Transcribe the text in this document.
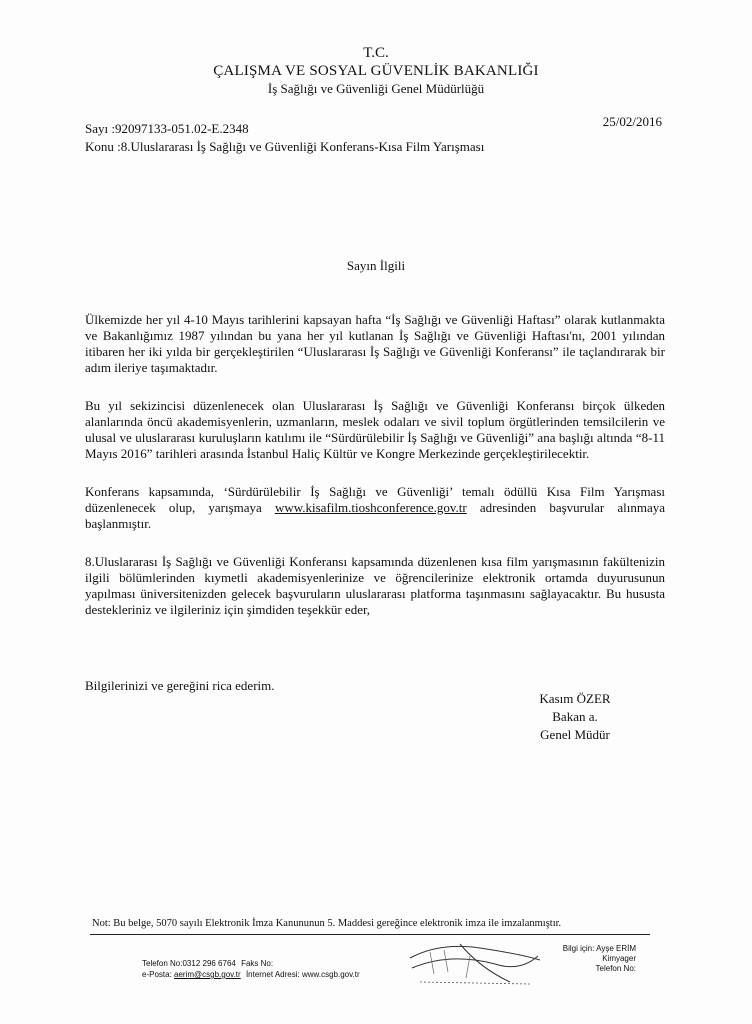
T.C.
ÇALIŞMA VE SOSYAL GÜVENLİK BAKANLIĞI
İş Sağlığı ve Güvenliği Genel Müdürlüğü
Sayı :92097133-051.02-E.2348
Konu :8.Uluslararası İş Sağlığı ve Güvenliği Konferans-Kısa Film Yarışması
25/02/2016
Sayın İlgili

Ülkemizde her yıl 4-10 Mayıs tarihlerini kapsayan hafta “İş Sağlığı ve Güvenliği Haftası” olarak kutlanmakta ve Bakanlığımız 1987 yılından bu yana her yıl kutlanan İş Sağlığı ve Güvenliği Haftası'nı, 2001 yılından itibaren her iki yılda bir gerçekleştirilen “Uluslararası İş Sağlığı ve Güvenliği Konferansı” ile taçlandırarak bir adım ileriye taşımaktadır.

Bu yıl sekizincisi düzenlenecek olan Uluslararası İş Sağlığı ve Güvenliği Konferansı birçok ülkeden alanlarında öncü akademisyenlerin, uzmanların, meslek odaları ve sivil toplum örgütlerinden temsilcilerin ve ulusal ve uluslararası kuruluşların katılımı ile “Sürdürülebilir İş Sağlığı ve Güvenliği” ana başlığı altında “8-11 Mayıs 2016” tarihleri arasında İstanbul Haliç Kültür ve Kongre Merkezinde gerçekleştirilecektir.

Konferans kapsamında, ‘Sürdürülebilir İş Sağlığı ve Güvenliği’ temalı ödüllü Kısa Film Yarışması düzenlenecek olup, yarışmaya www.kisafilm.tioshconference.gov.tr adresinden başvurular alınmaya başlanmıştır.

8.Uluslararası İş Sağlığı ve Güvenliği Konferansı kapsamında düzenlenen kısa film yarışmasının fakültenizin ilgili bölümlerinden kıymetli akademisyenlerinize ve öğrencilerinize elektronik ortamda duyurusunun yapılması üniversitenizden gelecek başvuruların uluslararası platforma taşınmasını sağlayacaktır. Bu hususta destekleriniz ve ilgileriniz için şimdiden teşekkür eder,

Bilgilerinizi ve gereğini rica ederim.
Kasım ÖZER
Bakan a.
Genel Müdür
Not: Bu belge, 5070 sayılı Elektronik İmza Kanununun 5. Maddesi gereğince elektronik imza ile imzalanmıştır.
Telefon No:0312 296 6764 Faks No:
e-Posta: aerim@csgb.gov.tr İnternet Adresi: www.csgb.gov.tr
Bilgi için: Ayşe ERİM
Kimyager
Telefon No:
